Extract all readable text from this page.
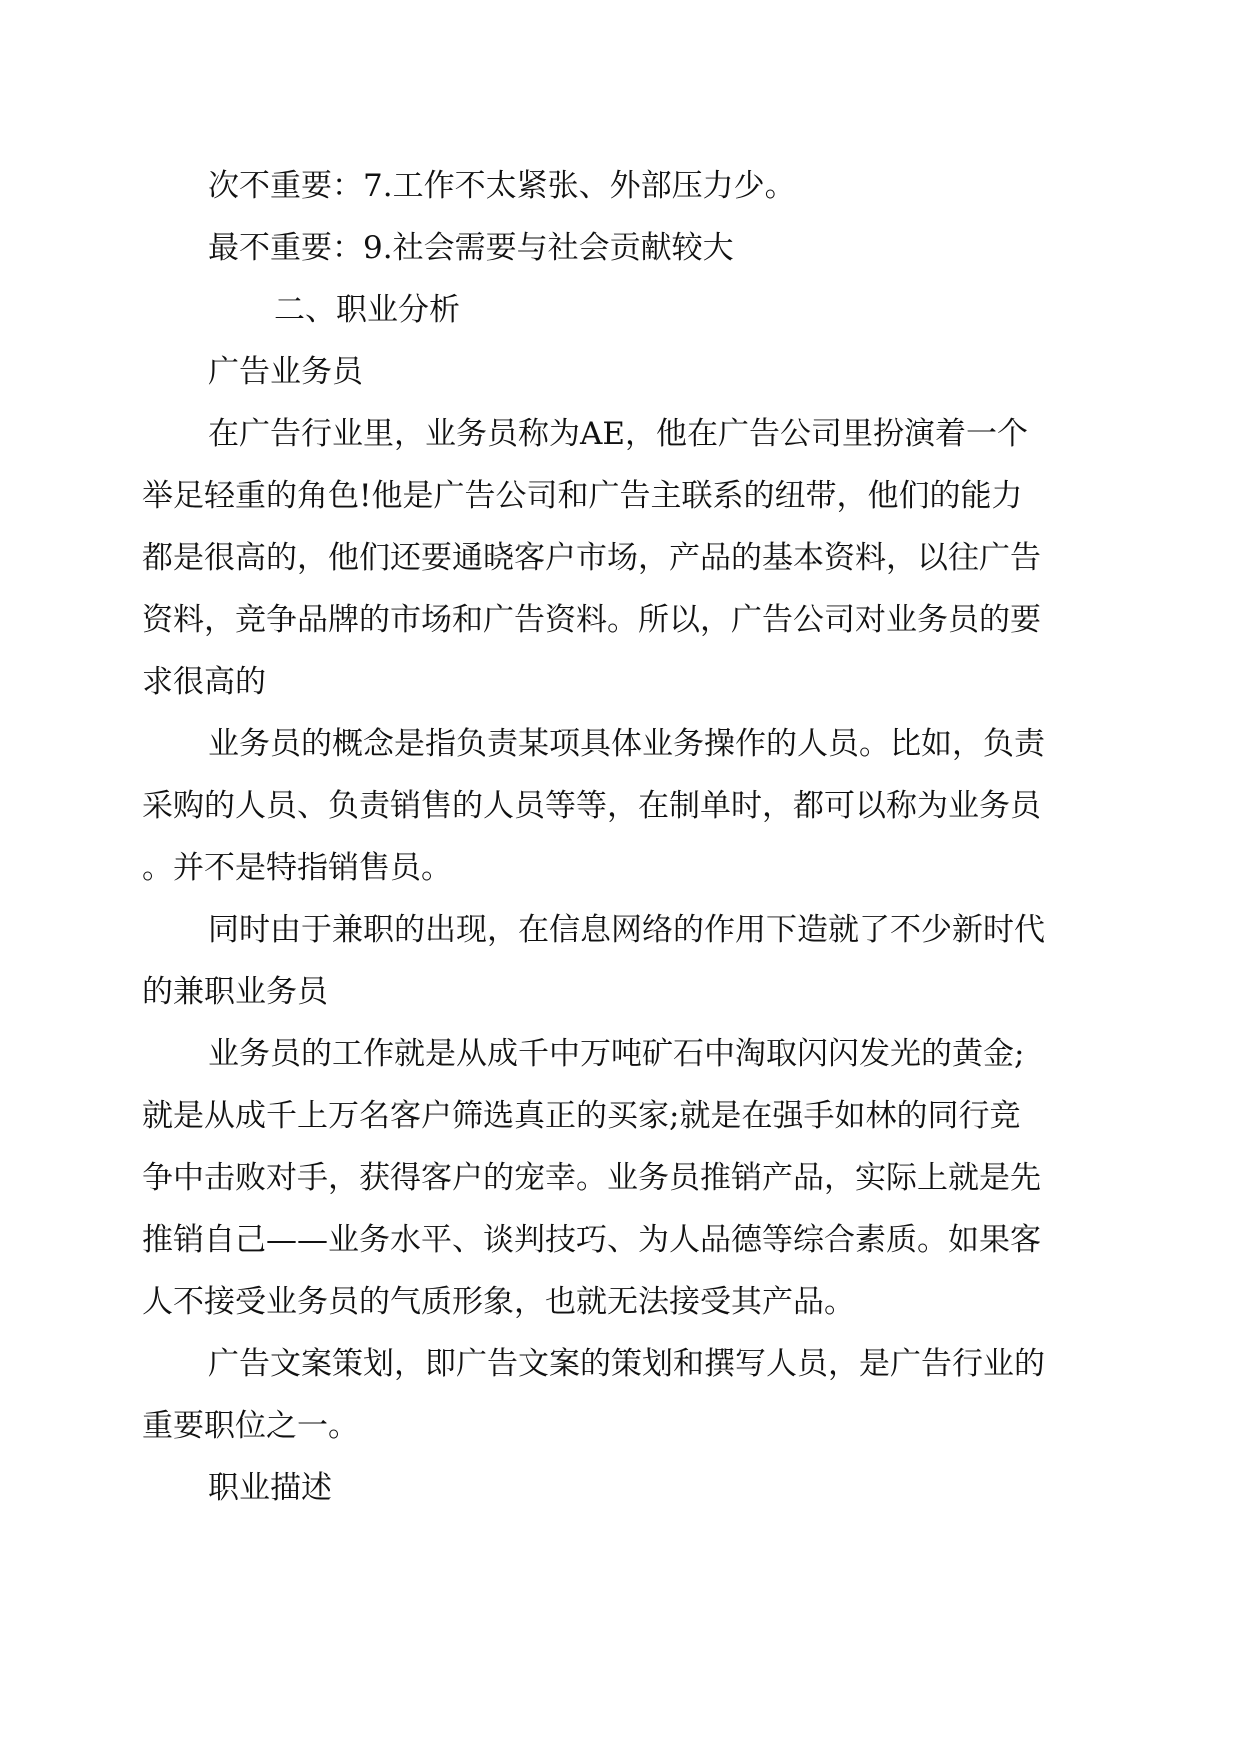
次不重要：7.工作不太紧张、外部压力少。
最不重要：9.社会需要与社会贡献较大
二、职业分析
广告业务员
在广告行业里，业务员称为AE，他在广告公司里扮演着一个
举足轻重的角色!他是广告公司和广告主联系的纽带，他们的能力
都是很高的，他们还要通晓客户市场，产品的基本资料，以往广告
资料，竞争品牌的市场和广告资料。所以，广告公司对业务员的要
求很高的
业务员的概念是指负责某项具体业务操作的人员。比如，负责
采购的人员、负责销售的人员等等，在制单时，都可以称为业务员
。并不是特指销售员。
同时由于兼职的出现，在信息网络的作用下造就了不少新时代
的兼职业务员
业务员的工作就是从成千中万吨矿石中淘取闪闪发光的黄金;
就是从成千上万名客户筛选真正的买家;就是在强手如林的同行竞
争中击败对手，获得客户的宠幸。业务员推销产品，实际上就是先
推销自己——业务水平、谈判技巧、为人品德等综合素质。如果客
人不接受业务员的气质形象，也就无法接受其产品。
广告文案策划，即广告文案的策划和撰写人员，是广告行业的
重要职位之一。
职业描述
